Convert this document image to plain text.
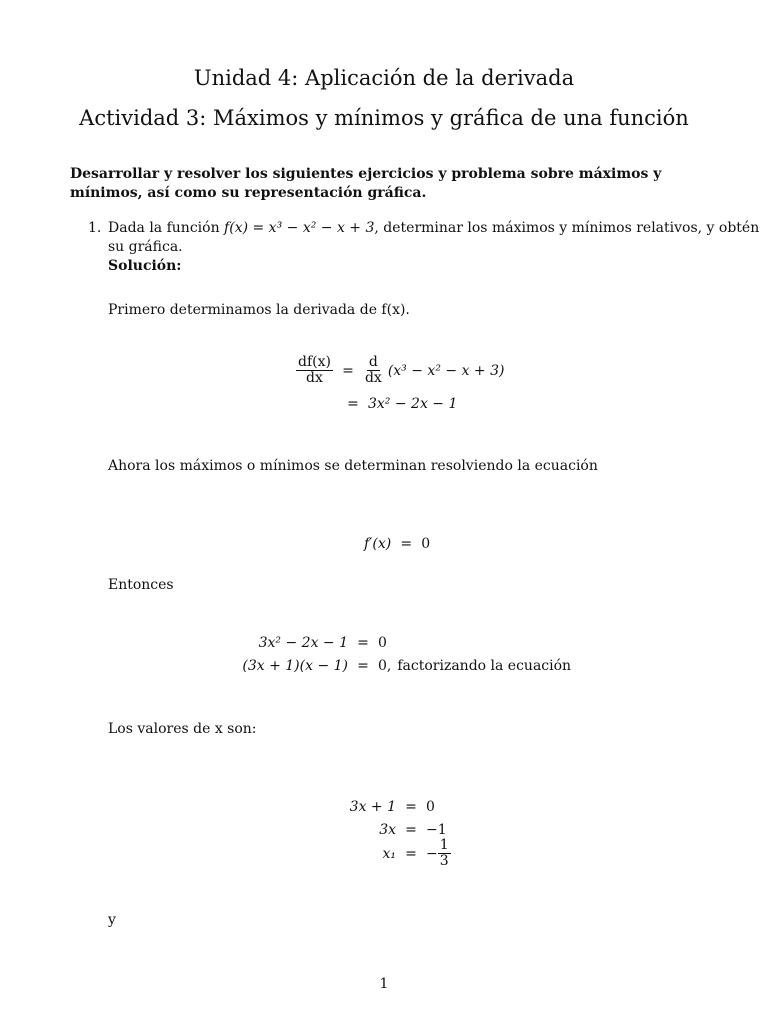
Unidad 4: Aplicación de la derivada
Actividad 3: Máximos y mínimos y gráfica de una función
Desarrollar y resolver los siguientes ejercicios y problema sobre máximos y mínimos, así como su representación gráfica.
1. Dada la función f(x) = x³ − x² − x + 3, determinar los máximos y mínimos relativos, y obtén
su gráfica.
Solución:
Primero determinamos la derivada de f(x).
$\frac{df(x)}{dx} = \frac{d}{dx} (x^3 - x^2 - x + 3)$
= 3x² − 2x − 1
Ahora los máximos o mínimos se determinan resolviendo la ecuación
f′(x) = 0
Entonces
3x² − 2x − 1 = 0
(3x + 1)(x − 1) = 0, factorizando la ecuación
Los valores de x son:
3x + 1 = 0
3x = −1
x₁ = − $\frac{1}{3}$
y
1
